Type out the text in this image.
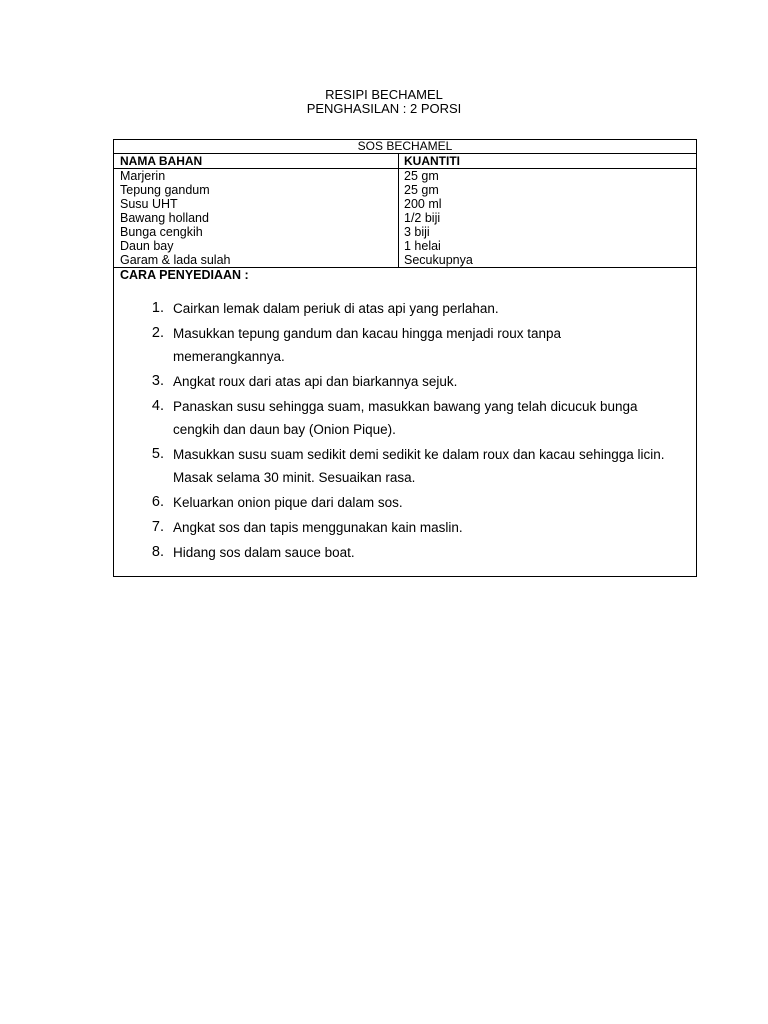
RESIPI BECHAMEL
PENGHASILAN : 2 PORSI
SOS BECHAMEL
NAMA BAHAN	KUANTITI
Marjerin
Tepung gandum
Susu UHT
Bawang holland
Bunga cengkih
Daun bay
Garam & lada sulah
25 gm
25 gm
200 ml
1/2 biji
3 biji
1 helai
Secukupnya
CARA PENYEDIAAN :
1. Cairkan lemak dalam periuk di atas api yang perlahan.
2. Masukkan tepung gandum dan kacau hingga menjadi roux tanpa
memerangkannya.
3. Angkat roux dari atas api dan biarkannya sejuk.
4. Panaskan susu sehingga suam, masukkan bawang yang telah dicucuk bunga
cengkih dan daun bay (Onion Pique).
5. Masukkan susu suam sedikit demi sedikit ke dalam roux dan kacau sehingga licin.
Masak selama 30 minit. Sesuaikan rasa.
6. Keluarkan onion pique dari dalam sos.
7. Angkat sos dan tapis menggunakan kain maslin.
8. Hidang sos dalam sauce boat.
